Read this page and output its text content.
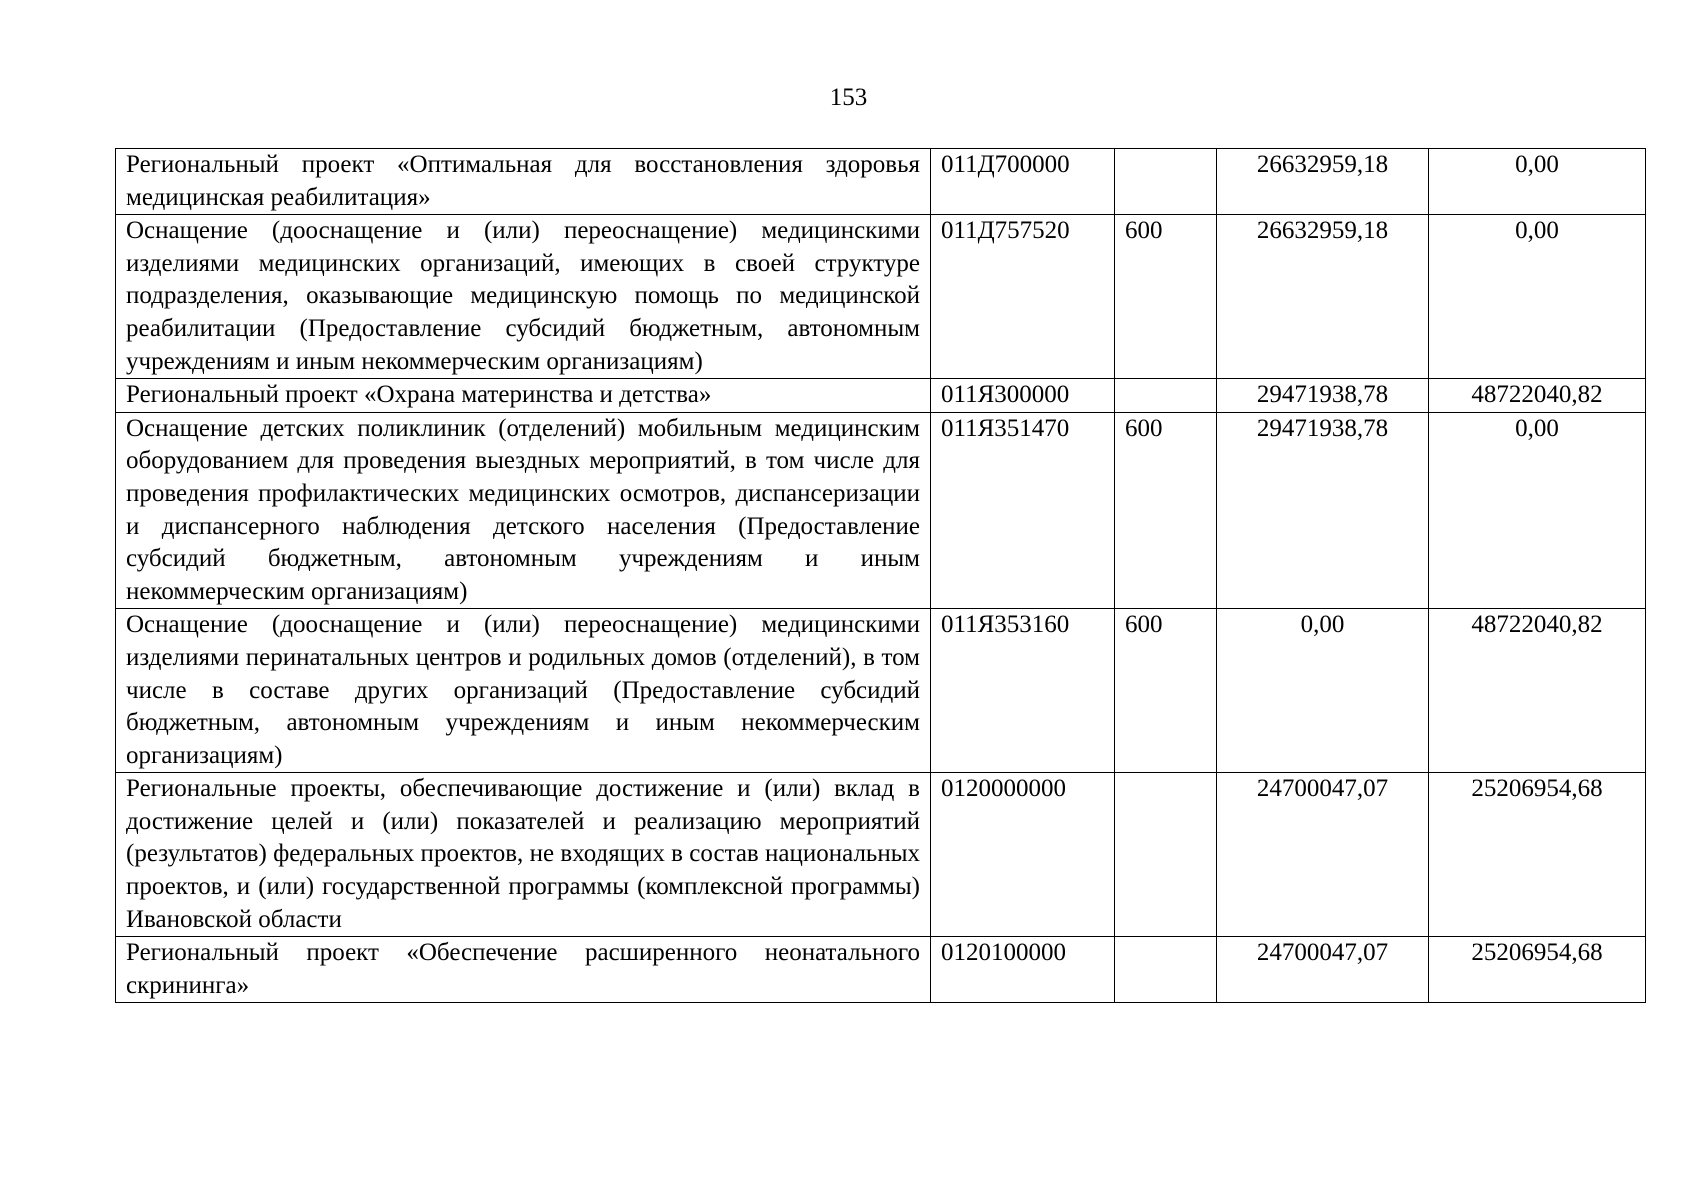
153
Региональный проект «Оптимальная для восстановления здоровья медицинская реабилитация»	011Д700000		26632959,18	0,00
Оснащение (дооснащение и (или) переоснащение) медицинскими изделиями медицинских организаций, имеющих в своей структуре подразделения, оказывающие медицинскую помощь по медицинской реабилитации (Предоставление субсидий бюджетным, автономным учреждениям и иным некоммерческим организациям)	011Д757520	600	26632959,18	0,00
Региональный проект «Охрана материнства и детства»	011Я300000		29471938,78	48722040,82
Оснащение детских поликлиник (отделений) мобильным медицинским оборудованием для проведения выездных мероприятий, в том числе для проведения профилактических медицинских осмотров, диспансеризации и диспансерного наблюдения детского населения (Предоставление субсидий бюджетным, автономным учреждениям и иным некоммерческим организациям)	011Я351470	600	29471938,78	0,00
Оснащение (дооснащение и (или) переоснащение) медицинскими изделиями перинатальных центров и родильных домов (отделений), в том числе в составе других организаций (Предоставление субсидий бюджетным, автономным учреждениям и иным некоммерческим организациям)	011Я353160	600	0,00	48722040,82
Региональные проекты, обеспечивающие достижение и (или) вклад в достижение целей и (или) показателей и реализацию мероприятий (результатов) федеральных проектов, не входящих в состав национальных проектов, и (или) государственной программы (комплексной программы) Ивановской области	0120000000		24700047,07	25206954,68
Региональный проект «Обеспечение расширенного неонатального скрининга»	0120100000		24700047,07	25206954,68
